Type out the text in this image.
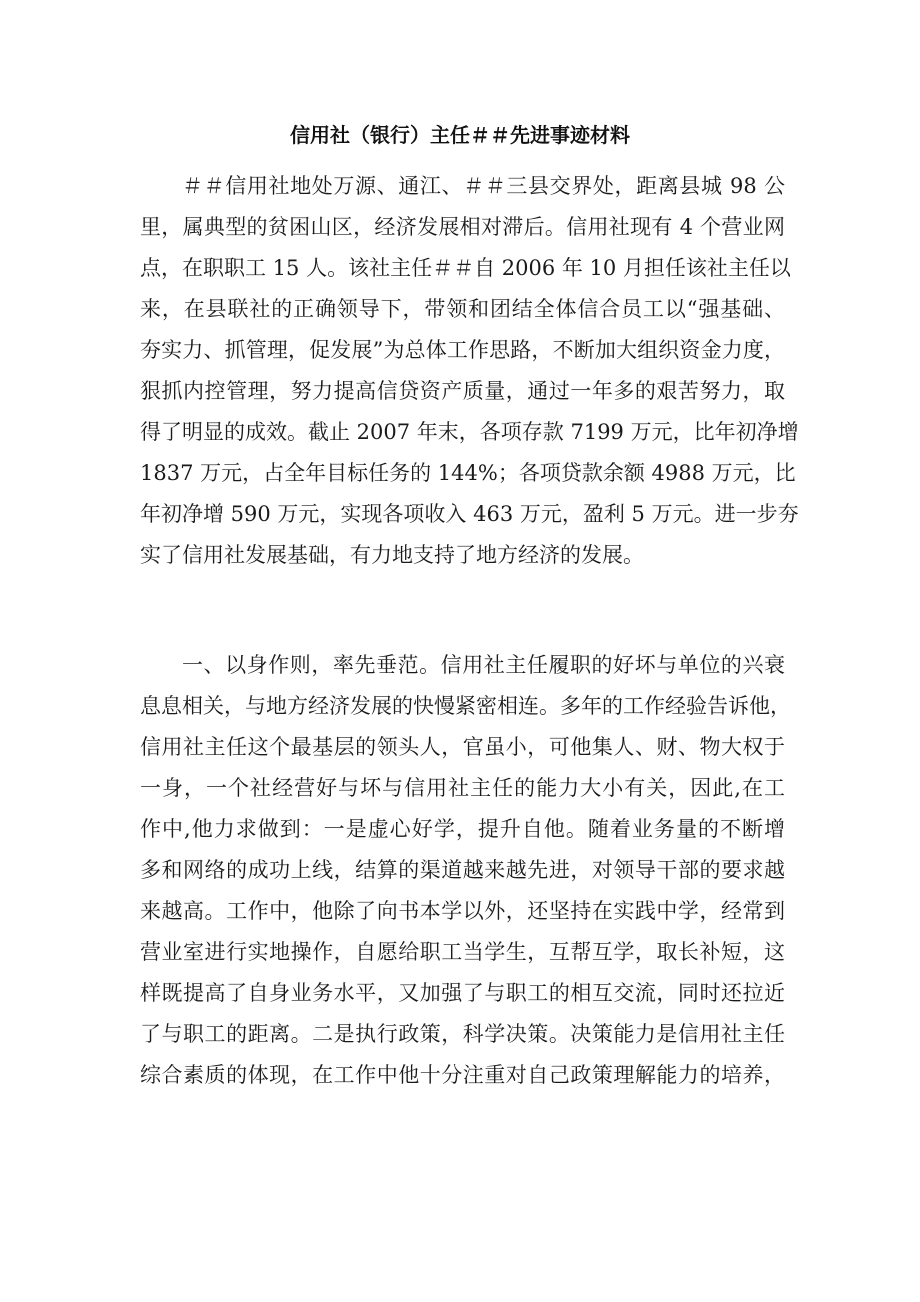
信用社（银行）主任＃＃先进事迹材料
＃＃信用社地处万源、通江、＃＃三县交界处，距离县城 98 公
里，属典型的贫困山区，经济发展相对滞后。信用社现有 4 个营业网
点，在职职工 15 人。该社主任＃＃自 2006 年 10 月担任该社主任以
来，在县联社的正确领导下，带领和团结全体信合员工以“强基础、
夯实力、抓管理，促发展”为总体工作思路，不断加大组织资金力度，
狠抓内控管理，努力提高信贷资产质量，通过一年多的艰苦努力，取
得了明显的成效。截止 2007 年末，各项存款 7199 万元，比年初净增
1837 万元，占全年目标任务的 144%；各项贷款余额 4988 万元，比
年初净增 590 万元，实现各项收入 463 万元，盈利 5 万元。进一步夯
实了信用社发展基础，有力地支持了地方经济的发展。
一、以身作则，率先垂范。信用社主任履职的好坏与单位的兴衰
息息相关，与地方经济发展的快慢紧密相连。多年的工作经验告诉他，
信用社主任这个最基层的领头人，官虽小，可他集人、财、物大权于
一身，一个社经营好与坏与信用社主任的能力大小有关，因此,在工
作中,他力求做到：一是虚心好学，提升自他。随着业务量的不断增
多和网络的成功上线，结算的渠道越来越先进，对领导干部的要求越
来越高。工作中，他除了向书本学以外，还坚持在实践中学，经常到
营业室进行实地操作，自愿给职工当学生，互帮互学，取长补短，这
样既提高了自身业务水平，又加强了与职工的相互交流，同时还拉近
了与职工的距离。二是执行政策，科学决策。决策能力是信用社主任
综合素质的体现，在工作中他十分注重对自己政策理解能力的培养，
